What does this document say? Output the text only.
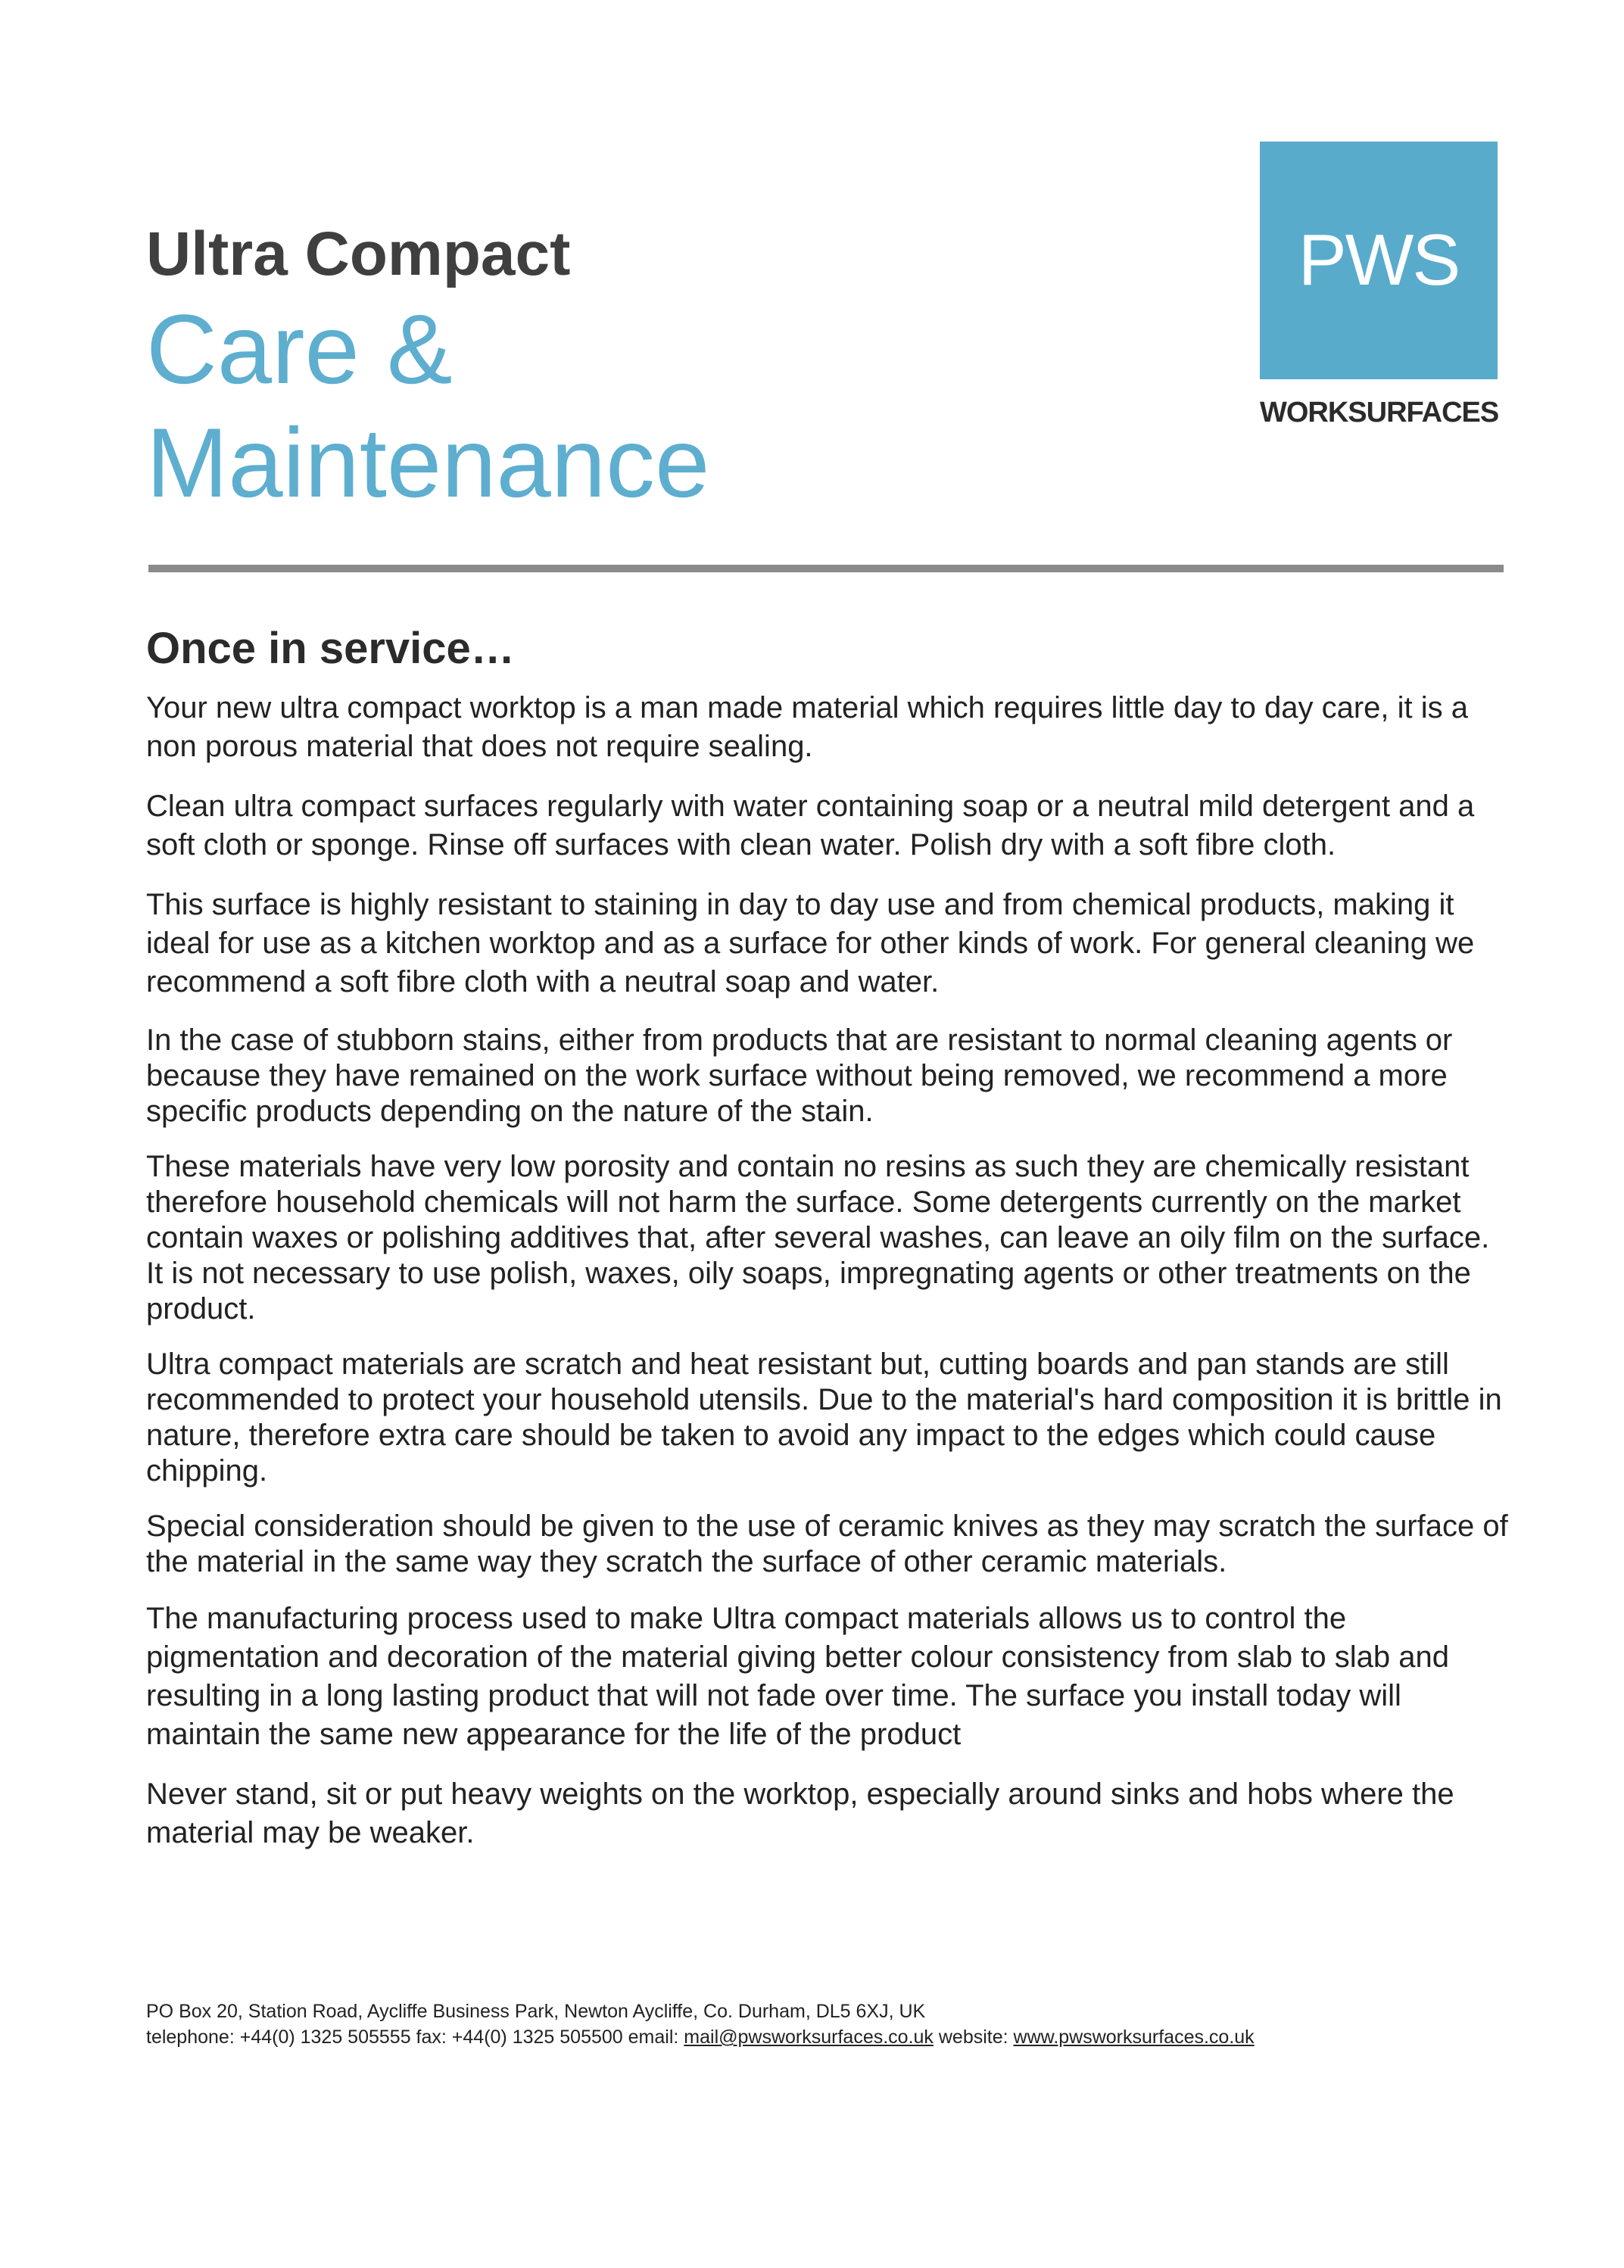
Ultra Compact
Care &
Maintenance
PWS
WORKSURFACES
Once in service…

Your new ultra compact worktop is a man made material which requires little day to day care, it is a non porous material that does not require sealing.

Clean ultra compact surfaces regularly with water containing soap or a neutral mild detergent and a soft cloth or sponge. Rinse off surfaces with clean water. Polish dry with a soft fibre cloth.

This surface is highly resistant to staining in day to day use and from chemical products, making it ideal for use as a kitchen worktop and as a surface for other kinds of work. For general cleaning we recommend a soft fibre cloth with a neutral soap and water.

In the case of stubborn stains, either from products that are resistant to normal cleaning agents or because they have remained on the work surface without being removed, we recommend a more specific products depending on the nature of the stain.

These materials have very low porosity and contain no resins as such they are chemically resistant therefore household chemicals will not harm the surface. Some detergents currently on the market contain waxes or polishing additives that, after several washes, can leave an oily film on the surface. It is not necessary to use polish, waxes, oily soaps, impregnating agents or other treatments on the product.

Ultra compact materials are scratch and heat resistant but, cutting boards and pan stands are still recommended to protect your household utensils. Due to the material's hard composition it is brittle in nature, therefore extra care should be taken to avoid any impact to the edges which could cause chipping.

Special consideration should be given to the use of ceramic knives as they may scratch the surface of the material in the same way they scratch the surface of other ceramic materials.

The manufacturing process used to make Ultra compact materials allows us to control the pigmentation and decoration of the material giving better colour consistency from slab to slab and resulting in a long lasting product that will not fade over time. The surface you install today will maintain the same new appearance for the life of the product

Never stand, sit or put heavy weights on the worktop, especially around sinks and hobs where the material may be weaker.

PO Box 20, Station Road, Aycliffe Business Park, Newton Aycliffe, Co. Durham, DL5 6XJ, UK
telephone: +44(0) 1325 505555 fax: +44(0) 1325 505500 email: mail@pwsworksurfaces.co.uk website: www.pwsworksurfaces.co.uk
